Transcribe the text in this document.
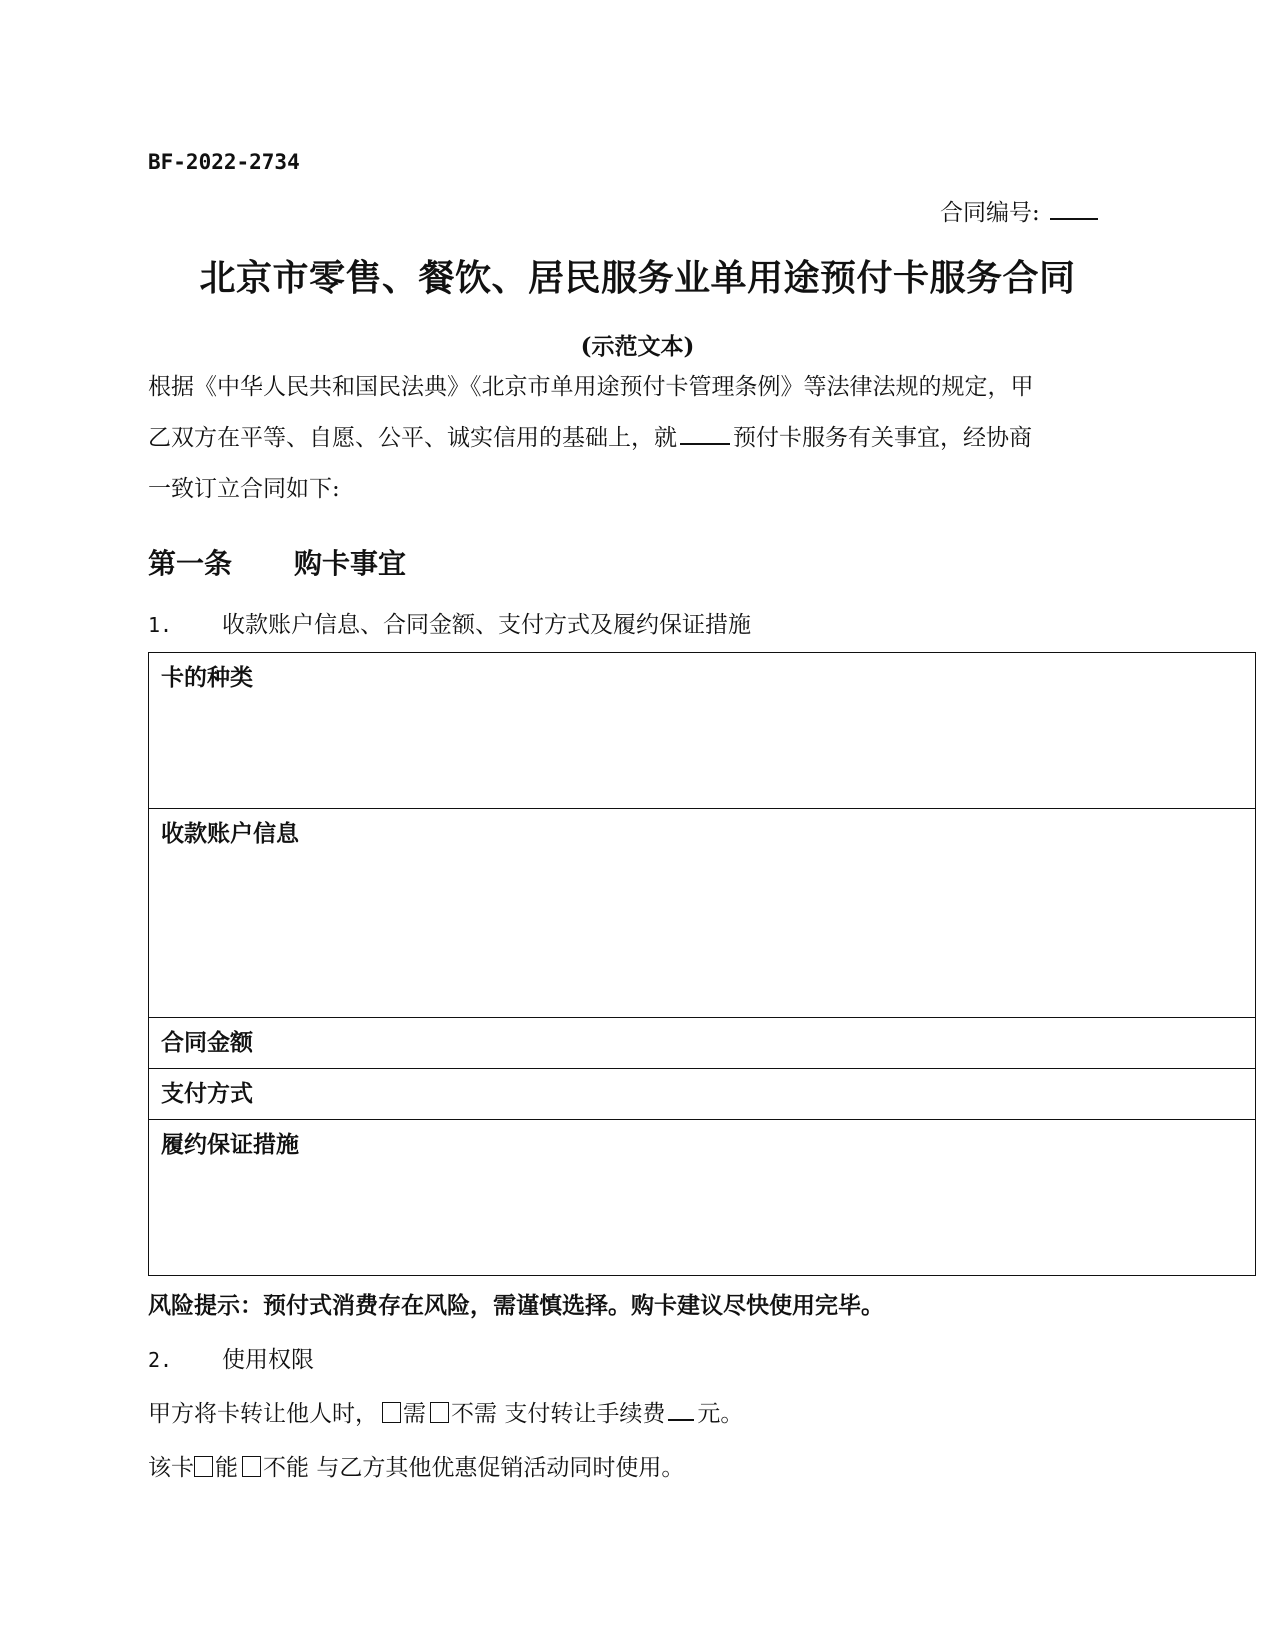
BF-2022-2734
合同编号:
北京市零售、餐饮、居民服务业单用途预付卡服务合同
(示范文本)
根据《中华人民共和国民法典》《北京市单用途预付卡管理条例》等法律法规的规定，甲
乙双方在平等、自愿、公平、诚实信用的基础上，就 预付卡服务有关事宜，经协商
一致订立合同如下:
第一条 购卡事宜
1. 收款账户信息、合同金额、支付方式及履约保证措施
卡的种类
收款账户信息
合同金额
支付方式
履约保证措施
风险提示：预付式消费存在风险，需谨慎选择。购卡建议尽快使用完毕。
2. 使用权限
甲方将卡转让他人时， 需 不需 支付转让手续费 元。
该卡 能 不能 与乙方其他优惠促销活动同时使用。
